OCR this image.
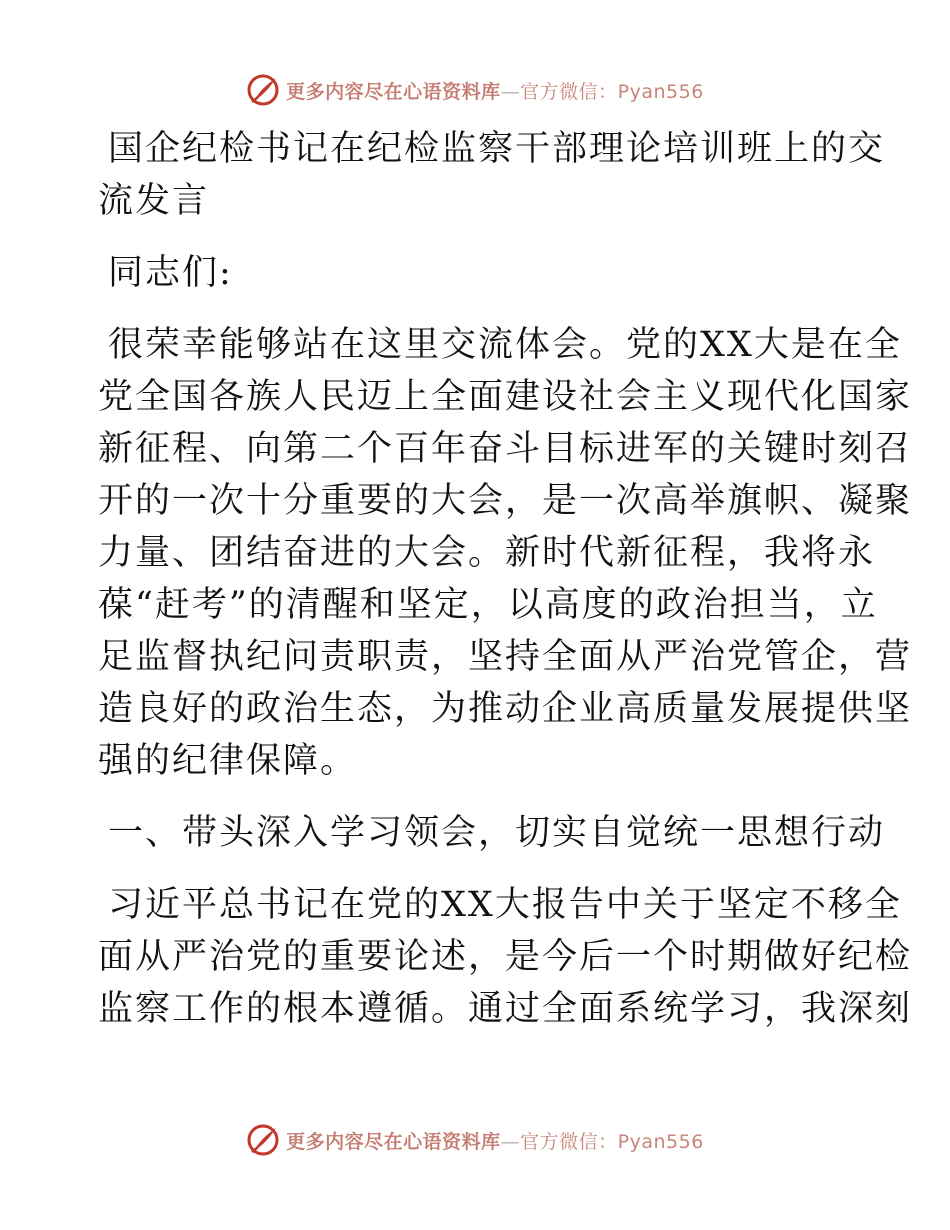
更多内容尽在心语资料库—官方微信：Pyan556
国企纪检书记在纪检监察干部理论培训班上的交
流发言
同志们:
很荣幸能够站在这里交流体会。党的XX大是在全
党全国各族人民迈上全面建设社会主义现代化国家
新征程、向第二个百年奋斗目标进军的关键时刻召
开的一次十分重要的大会，是一次高举旗帜、凝聚
力量、团结奋进的大会。新时代新征程，我将永
葆“赶考”的清醒和坚定，以高度的政治担当，立
足监督执纪问责职责，坚持全面从严治党管企，营
造良好的政治生态，为推动企业高质量发展提供坚
强的纪律保障。
一、带头深入学习领会，切实自觉统一思想行动
习近平总书记在党的XX大报告中关于坚定不移全
面从严治党的重要论述，是今后一个时期做好纪检
监察工作的根本遵循。通过全面系统学习，我深刻
更多内容尽在心语资料库—官方微信：Pyan556
